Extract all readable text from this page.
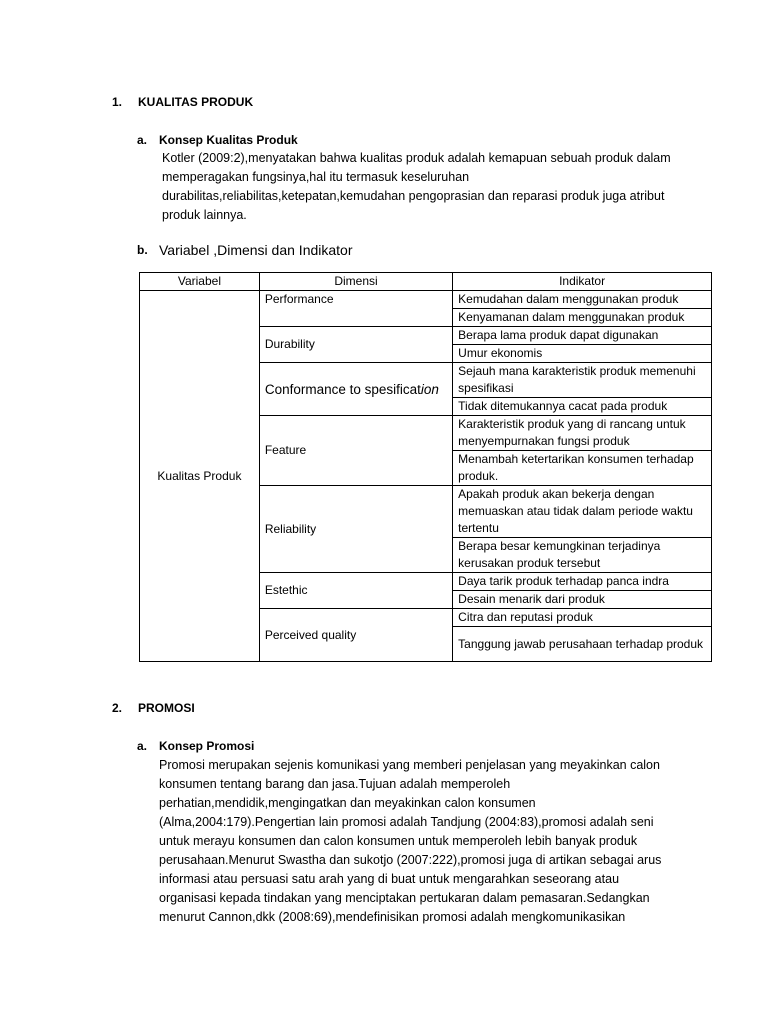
1. KUALITAS PRODUK
a. Konsep Kualitas Produk

Kotler (2009:2),menyatakan bahwa kualitas produk adalah kemapuan sebuah produk dalam

memperagakan fungsinya,hal itu termasuk keseluruhan

durabilitas,reliabilitas,ketepatan,kemudahan pengoprasian dan reparasi produk juga atribut

produk lainnya.

b. Variabel ,Dimensi dan Indikator
Variabel	Dimensi	Indikator
Kualitas Produk	Performance	Kemudahan dalam menggunakan produk
		Kenyamanan dalam menggunakan produk
	Durability	Berapa lama produk dapat digunakan
		Umur ekonomis
	Conformance to spesification	Sejauh mana karakteristik produk memenuhi spesifikasi
		Tidak ditemukannya cacat pada produk
	Feature	Karakteristik produk yang di rancang untuk menyempurnakan fungsi produk
		Menambah ketertarikan konsumen terhadap produk.
	Reliability	Apakah produk akan bekerja dengan memuaskan atau tidak dalam periode waktu tertentu
		Berapa besar kemungkinan terjadinya kerusakan produk tersebut
	Estethic	Daya tarik produk terhadap panca indra
		Desain menarik dari produk
	Perceived quality	Citra dan reputasi produk
		Tanggung jawab perusahaan terhadap produk
2. PROMOSI
a. Konsep Promosi

Promosi merupakan sejenis komunikasi yang memberi penjelasan yang meyakinkan calon

konsumen tentang barang dan jasa.Tujuan adalah memperoleh

perhatian,mendidik,mengingatkan dan meyakinkan calon konsumen

(Alma,2004:179).Pengertian lain promosi adalah Tandjung (2004:83),promosi adalah seni

untuk merayu konsumen dan calon konsumen untuk memperoleh lebih banyak produk

perusahaan.Menurut Swastha dan sukotjo (2007:222),promosi juga di artikan sebagai arus

informasi atau persuasi satu arah yang di buat untuk mengarahkan seseorang atau

organisasi kepada tindakan yang menciptakan pertukaran dalam pemasaran.Sedangkan

menurut Cannon,dkk (2008:69),mendefinisikan promosi adalah mengkomunikasikan
